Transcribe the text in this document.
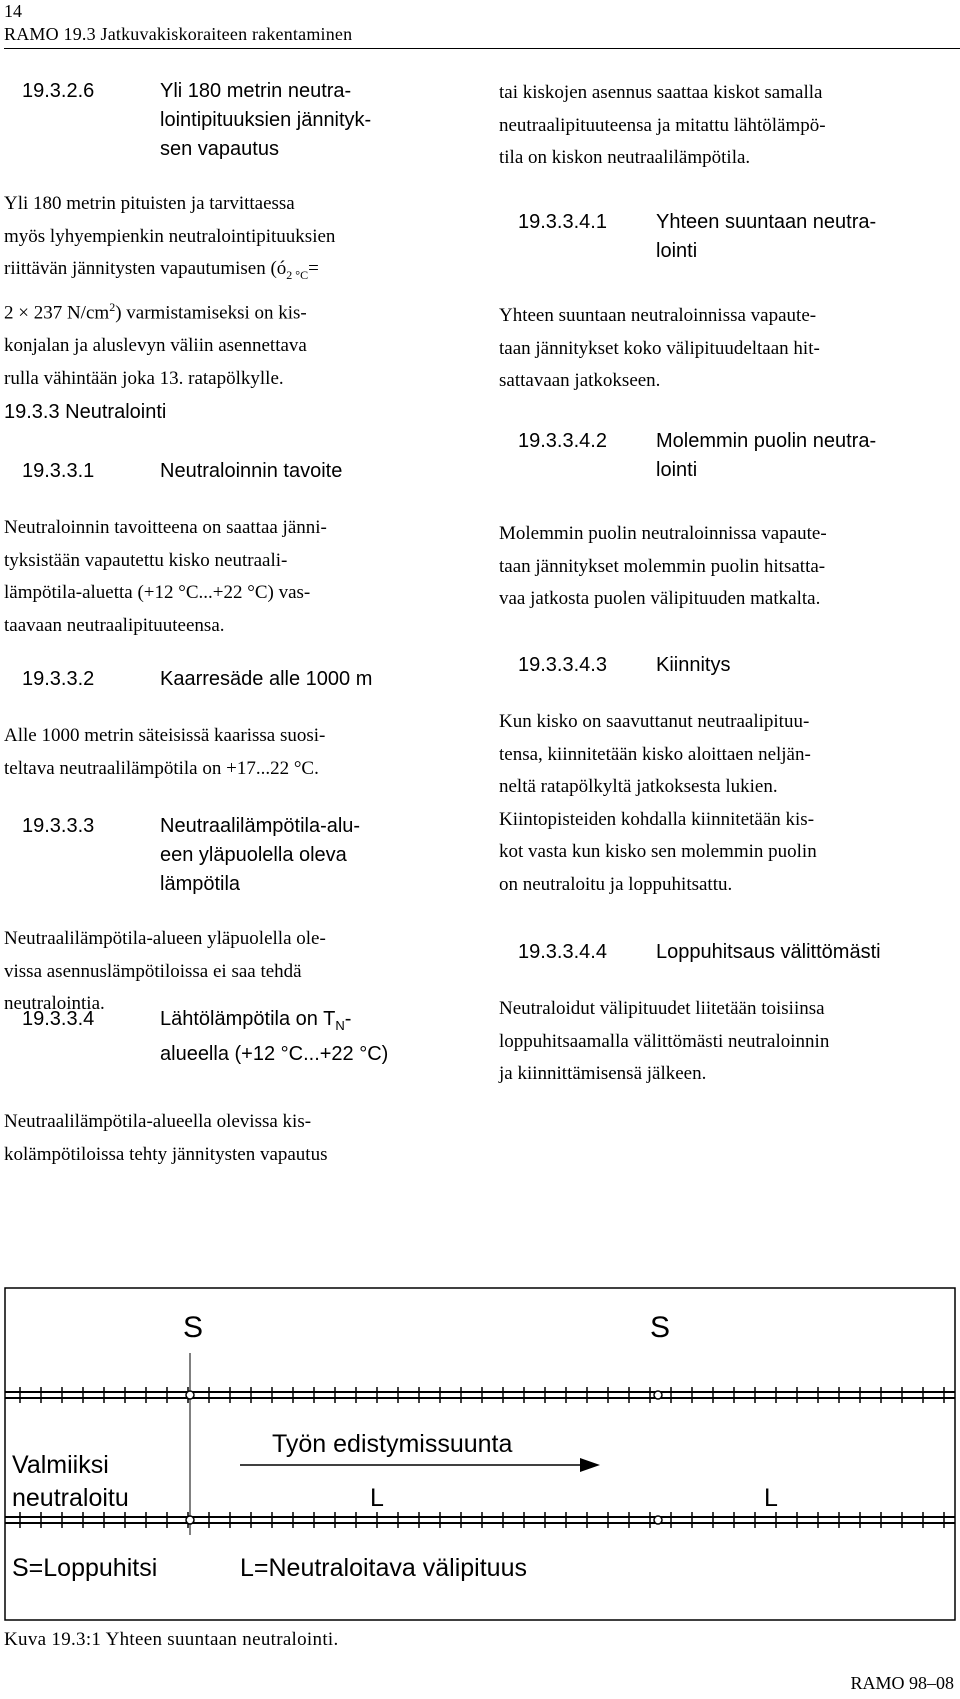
14
RAMO 19.3 Jatkuvakiskoraiteen rakentaminen
19.3.2.6	Yli 180 metrin neutra-
lointipituuksien jännityk-
sen vapautus
Yli 180 metrin pituisten ja tarvittaessa
myös lyhyempienkin neutralointipituuksien
riittävän jännitysten vapautumisen ($ó_{2 ^\circ C}=$
2 × 237 $N/cm^2$) varmistamiseksi on kis-
konjalan ja aluslevyn väliin asennettava
rulla vähintään joka 13. ratapölkylle.
19.3.3 Neutralointi
19.3.3.1	Neutraloinnin tavoite
Neutraloinnin tavoitteena on saattaa jänni-
tyksistään vapautettu kisko neutraali-
lämpötila-aluetta (+12 °C...+22 °C) vas-
taavaan neutraalipituuteensa.
19.3.3.2	Kaarresäde alle 1000 m
Alle 1000 metrin säteisissä kaarissa suosi-
teltava neutraalilämpötila on +17...22 °C.
19.3.3.3	Neutraalilämpötila-alu-
een yläpuolella oleva
lämpötila
Neutraalilämpötila-alueen yläpuolella ole-
vissa asennuslämpötiloissa ei saa tehdä
neutralointia.
19.3.3.4	Lähtölämpötila on $T_N-$
alueella (+12 °C...+22 °C)
Neutraalilämpötila-alueella olevissa kis-
kolämpötiloissa tehty jännitysten vapautus
tai kiskojen asennus saattaa kiskot samalla
neutraalipituuteensa ja mitattu lähtölämpö-
tila on kiskon neutraalilämpötila.
19.3.3.4.1 Yhteen suuntaan neutra-
lointi
Yhteen suuntaan neutraloinnissa vapaute-
taan jännitykset koko välipituudeltaan hit-
sattavaan jatkokseen.
19.3.3.4.2 Molemmin puolin neutra-
lointi
Molemmin puolin neutraloinnissa vapaute-
taan jännitykset molemmin puolin hitsatta-
vaa jatkosta puolen välipituuden matkalta.
19.3.3.4.3 Kiinnitys
Kun kisko on saavuttanut neutraalipituu-
tensa, kiinnitetään kisko aloittaen neljän-
neltä ratapölkyltä jatkoksesta lukien.
Kiintopisteiden kohdalla kiinnitetään kis-
kot vasta kun kisko sen molemmin puolin
on neutraloitu ja loppuhitsattu.
19.3.3.4.4 Loppuhitsaus välittömästi
Neutraloidut välipituudet liitetään toisiinsa
loppuhitsaamalla välittömästi neutraloinnin
ja kiinnittämisensä jälkeen.
S	S
Työn edistymissuunta
Valmiiksi
neutraloitu	L	L
S=Loppuhitsi	L=Neutraloitava välipituus
Kuva 19.3:1 Yhteen suuntaan neutralointi.
RAMO 98–08
